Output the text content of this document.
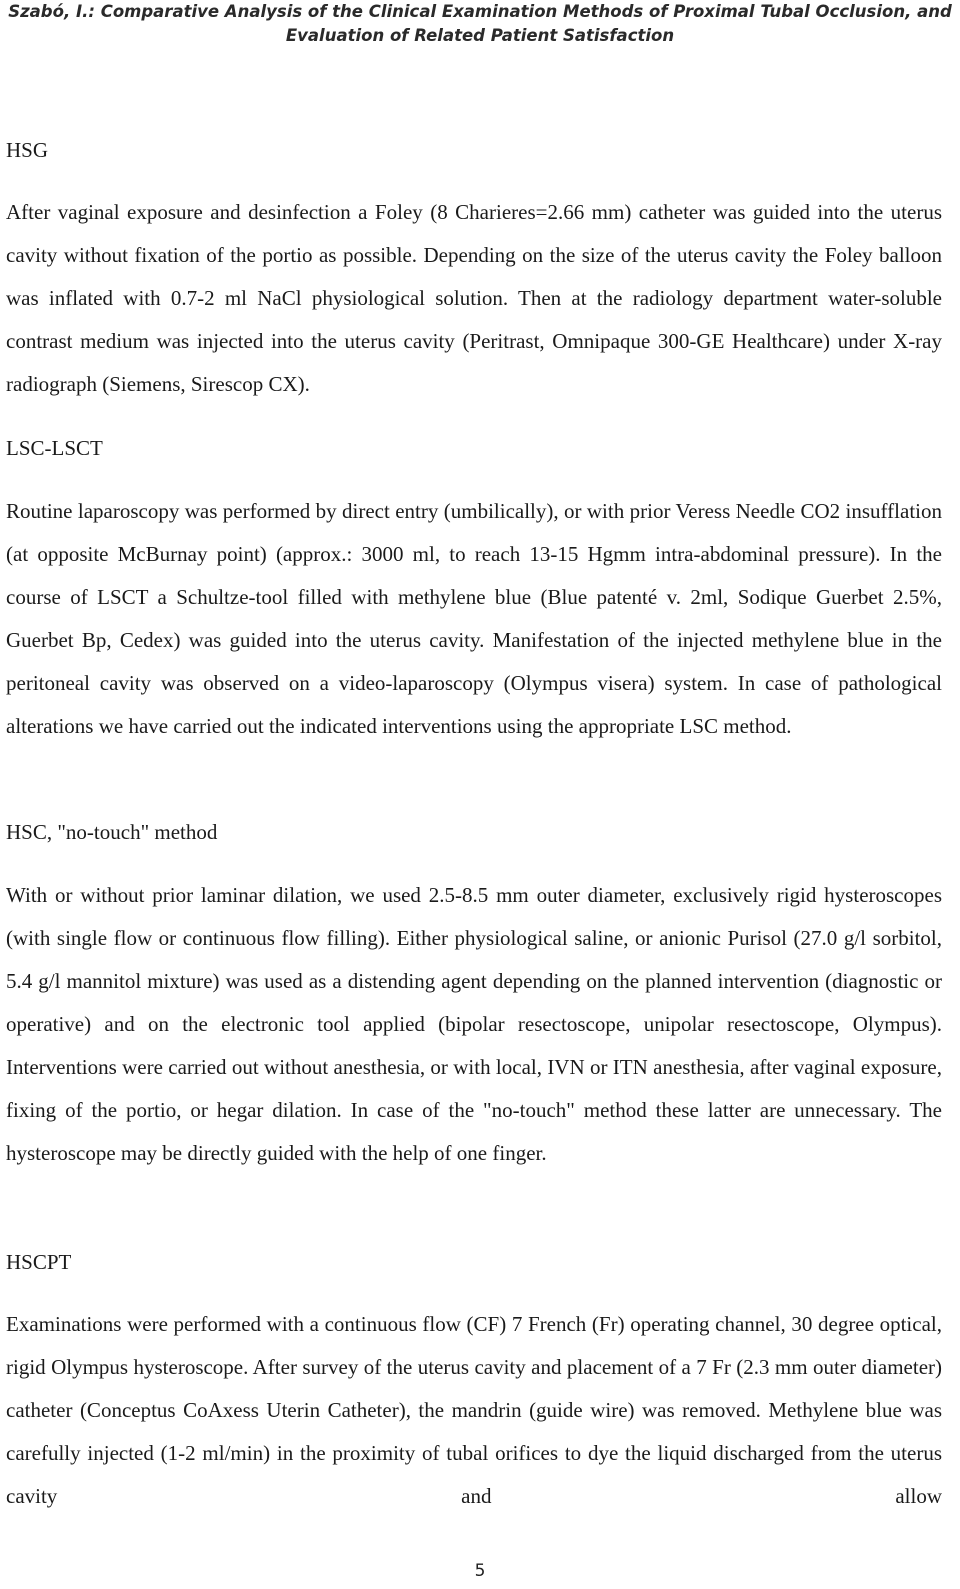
Szabó, I.: Comparative Analysis of the Clinical Examination Methods of Proximal Tubal Occlusion, and
Evaluation of Related Patient Satisfaction
HSG

After vaginal exposure and desinfection a Foley (8 Charieres=2.66 mm) catheter was guided into the uterus cavity without fixation of the portio as possible. Depending on the size of the uterus cavity the Foley balloon was inflated with 0.7-2 ml NaCl physiological solution. Then at the radiology department water-soluble contrast medium was injected into the uterus cavity (Peritrast, Omnipaque 300-GE Healthcare) under X-ray radiograph (Siemens, Sirescop CX).

LSC-LSCT

Routine laparoscopy was performed by direct entry (umbilically), or with prior Veress Needle CO2 insufflation (at opposite McBurnay point) (approx.: 3000 ml, to reach 13-15 Hgmm intra-abdominal pressure). In the course of LSCT a Schultze-tool filled with methylene blue (Blue patenté v. 2ml, Sodique Guerbet 2.5%, Guerbet Bp, Cedex) was guided into the uterus cavity. Manifestation of the injected methylene blue in the peritoneal cavity was observed on a video-laparoscopy (Olympus visera) system. In case of pathological alterations we have carried out the indicated interventions using the appropriate LSC method.

HSC, "no-touch" method

With or without prior laminar dilation, we used 2.5-8.5 mm outer diameter, exclusively rigid hysteroscopes (with single flow or continuous flow filling). Either physiological saline, or anionic Purisol (27.0 g/l sorbitol, 5.4 g/l mannitol mixture) was used as a distending agent depending on the planned intervention (diagnostic or operative) and on the electronic tool applied (bipolar resectoscope, unipolar resectoscope, Olympus). Interventions were carried out without anesthesia, or with local, IVN or ITN anesthesia, after vaginal exposure, fixing of the portio, or hegar dilation. In case of the "no-touch" method these latter are unnecessary. The hysteroscope may be directly guided with the help of one finger.

HSCPT

Examinations were performed with a continuous flow (CF) 7 French (Fr) operating channel, 30 degree optical, rigid Olympus hysteroscope. After survey of the uterus cavity and placement of a 7 Fr (2.3 mm outer diameter) catheter (Conceptus CoAxess Uterin Catheter), the mandrin (guide wire) was removed. Methylene blue was carefully injected (1-2 ml/min) in the proximity of tubal orifices to dye the liquid discharged from the uterus cavity and allow

5
